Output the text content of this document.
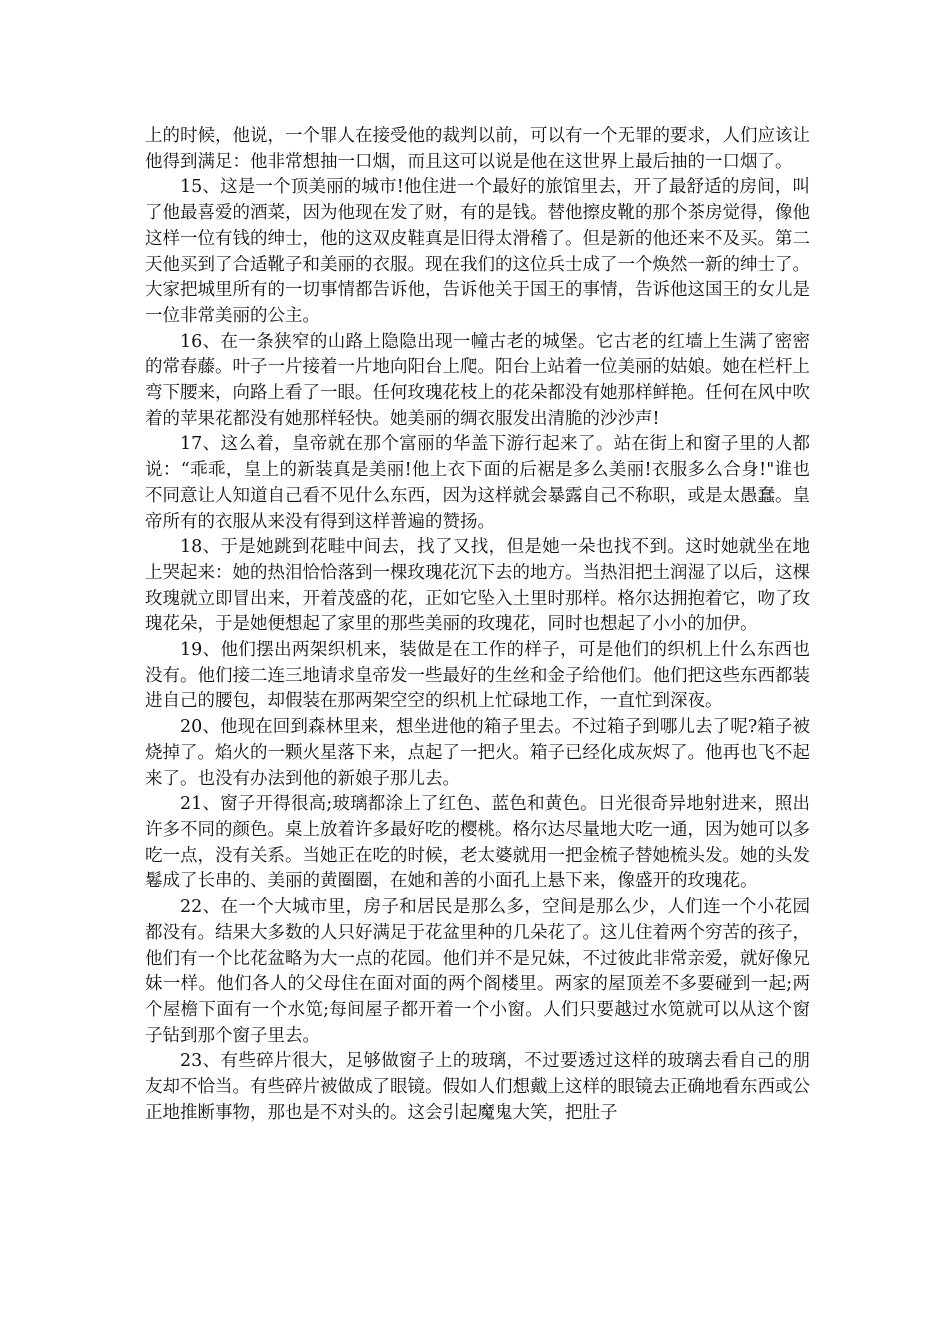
上的时候，他说，一个罪人在接受他的裁判以前，可以有一个无罪的要求，人们应该让他得到满足：他非常想抽一口烟，而且这可以说是他在这世界上最后抽的一口烟了。

15、这是一个顶美丽的城市!他住进一个最好的旅馆里去，开了最舒适的房间，叫了他最喜爱的酒菜，因为他现在发了财，有的是钱。替他擦皮靴的那个茶房觉得，像他这样一位有钱的绅士，他的这双皮鞋真是旧得太滑稽了。但是新的他还来不及买。第二天他买到了合适靴子和美丽的衣服。现在我们的这位兵士成了一个焕然一新的绅士了。大家把城里所有的一切事情都告诉他，告诉他关于国王的事情，告诉他这国王的女儿是一位非常美丽的公主。

16、在一条狭窄的山路上隐隐出现一幢古老的城堡。它古老的红墙上生满了密密的常春藤。叶子一片接着一片地向阳台上爬。阳台上站着一位美丽的姑娘。她在栏杆上弯下腰来，向路上看了一眼。任何玫瑰花枝上的花朵都没有她那样鲜艳。任何在风中吹着的苹果花都没有她那样轻快。她美丽的绸衣服发出清脆的沙沙声!

17、这么着，皇帝就在那个富丽的华盖下游行起来了。站在街上和窗子里的人都说：“乖乖，皇上的新装真是美丽!他上衣下面的后裾是多么美丽!衣服多么合身!"谁也不同意让人知道自己看不见什么东西，因为这样就会暴露自己不称职，或是太愚蠢。皇帝所有的衣服从来没有得到这样普遍的赞扬。

18、于是她跳到花畦中间去，找了又找，但是她一朵也找不到。这时她就坐在地上哭起来：她的热泪恰恰落到一棵玫瑰花沉下去的地方。当热泪把土润湿了以后，这棵玫瑰就立即冒出来，开着茂盛的花，正如它坠入土里时那样。格尔达拥抱着它，吻了玫瑰花朵，于是她便想起了家里的那些美丽的玫瑰花，同时也想起了小小的加伊。

19、他们摆出两架织机来，装做是在工作的样子，可是他们的织机上什么东西也没有。他们接二连三地请求皇帝发一些最好的生丝和金子给他们。他们把这些东西都装进自己的腰包，却假装在那两架空空的织机上忙碌地工作，一直忙到深夜。

20、他现在回到森林里来，想坐进他的箱子里去。不过箱子到哪儿去了呢?箱子被烧掉了。焰火的一颗火星落下来，点起了一把火。箱子已经化成灰烬了。他再也飞不起来了。也没有办法到他的新娘子那儿去。

21、窗子开得很高;玻璃都涂上了红色、蓝色和黄色。日光很奇异地射进来，照出许多不同的颜色。桌上放着许多最好吃的樱桃。格尔达尽量地大吃一通，因为她可以多吃一点，没有关系。当她正在吃的时候，老太婆就用一把金梳子替她梳头发。她的头发鬈成了长串的、美丽的黄圈圈，在她和善的小面孔上悬下来，像盛开的玫瑰花。

22、在一个大城市里，房子和居民是那么多，空间是那么少，人们连一个小花园都没有。结果大多数的人只好满足于花盆里种的几朵花了。这儿住着两个穷苦的孩子，他们有一个比花盆略为大一点的花园。他们并不是兄妹，不过彼此非常亲爱，就好像兄妹一样。他们各人的父母住在面对面的两个阁楼里。两家的屋顶差不多要碰到一起;两个屋檐下面有一个水笕;每间屋子都开着一个小窗。人们只要越过水笕就可以从这个窗子钻到那个窗子里去。

23、有些碎片很大，足够做窗子上的玻璃，不过要透过这样的玻璃去看自己的朋友却不恰当。有些碎片被做成了眼镜。假如人们想戴上这样的眼镜去正确地看东西或公正地推断事物，那也是不对头的。这会引起魔鬼大笑，把肚子
